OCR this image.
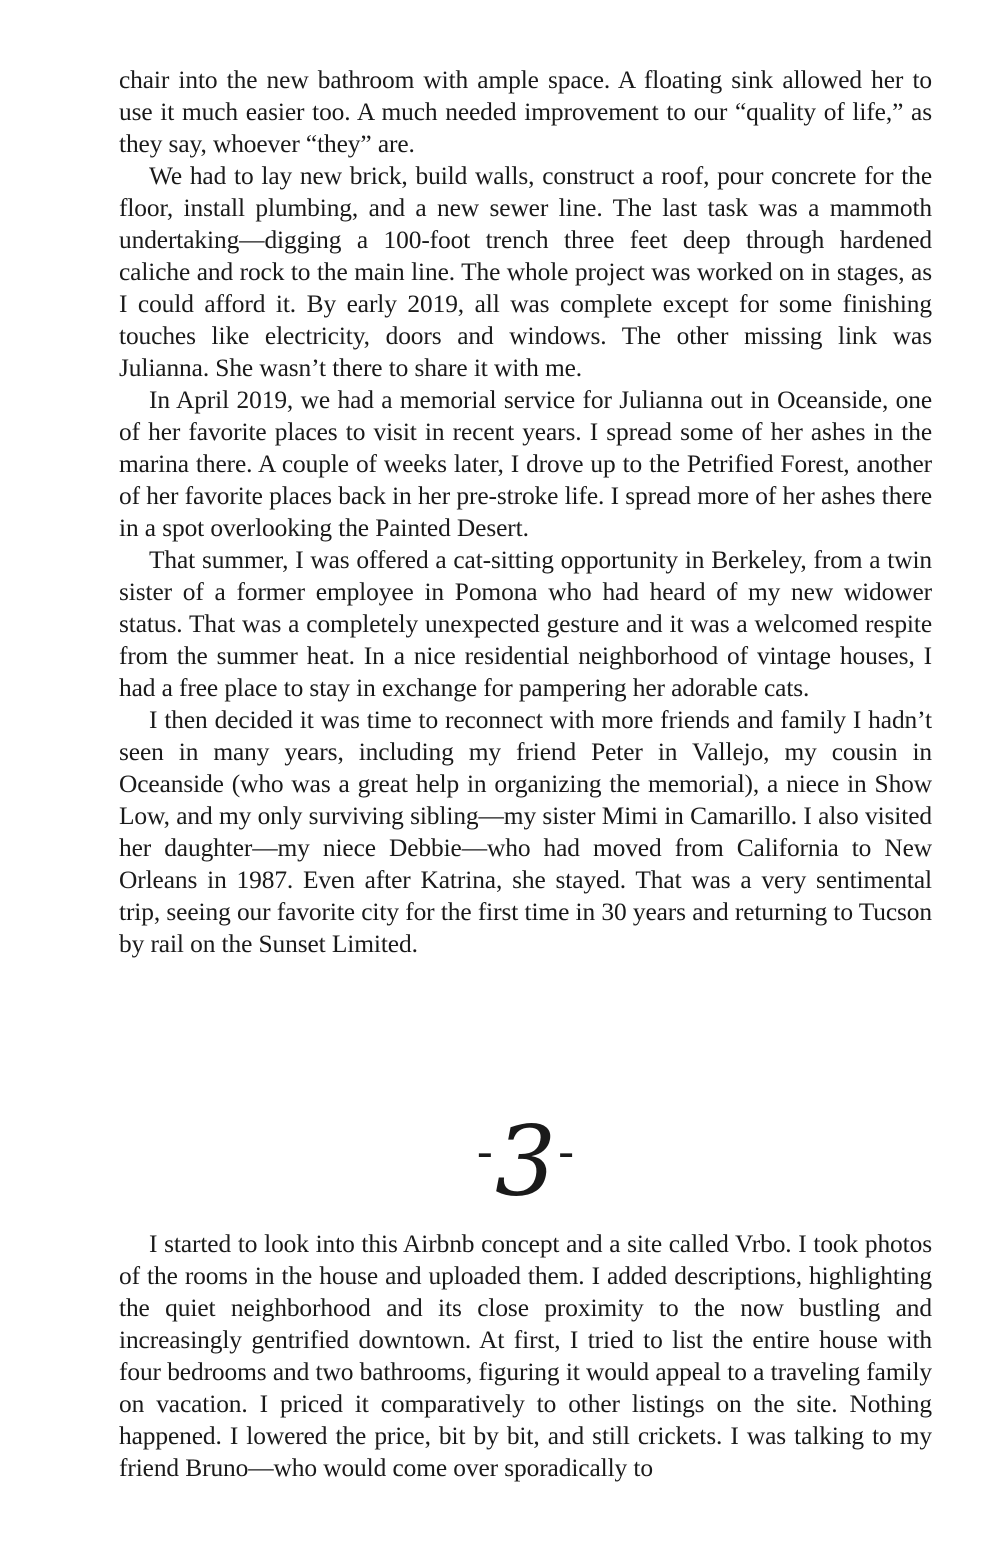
chair into the new bathroom with ample space. A floating sink allowed her to use it much easier too. A much needed improvement to our “quality of life,” as they say, whoever “they” are.

We had to lay new brick, build walls, construct a roof, pour concrete for the floor, install plumbing, and a new sewer line. The last task was a mammoth undertaking—digging a 100-foot trench three feet deep through hardened caliche and rock to the main line. The whole project was worked on in stages, as I could afford it. By early 2019, all was complete except for some finishing touches like electricity, doors and windows. The other missing link was Julianna. She wasn’t there to share it with me.

In April 2019, we had a memorial service for Julianna out in Oceanside, one of her favorite places to visit in recent years. I spread some of her ashes in the marina there. A couple of weeks later, I drove up to the Petrified Forest, another of her favorite places back in her pre-stroke life. I spread more of her ashes there in a spot overlooking the Painted Desert.

That summer, I was offered a cat-sitting opportunity in Berkeley, from a twin sister of a former employee in Pomona who had heard of my new widower status. That was a completely unexpected gesture and it was a welcomed respite from the summer heat. In a nice residential neighborhood of vintage houses, I had a free place to stay in exchange for pampering her adorable cats.

I then decided it was time to reconnect with more friends and family I hadn’t seen in many years, including my friend Peter in Vallejo, my cousin in Oceanside (who was a great help in organizing the memorial), a niece in Show Low, and my only surviving sibling—my sister Mimi in Camarillo. I also visited her daughter—my niece Debbie—who had moved from California to New Orleans in 1987. Even after Katrina, she stayed. That was a very sentimental trip, seeing our favorite city for the first time in 30 years and returning to Tucson by rail on the Sunset Limited.

-3-

I started to look into this Airbnb concept and a site called Vrbo. I took photos of the rooms in the house and uploaded them. I added descriptions, highlighting the quiet neighborhood and its close proximity to the now bustling and increasingly gentrified downtown. At first, I tried to list the entire house with four bedrooms and two bathrooms, figuring it would appeal to a traveling family on vacation. I priced it comparatively to other listings on the site. Nothing happened. I lowered the price, bit by bit, and still crickets. I was talking to my friend Bruno—who would come over sporadically to
